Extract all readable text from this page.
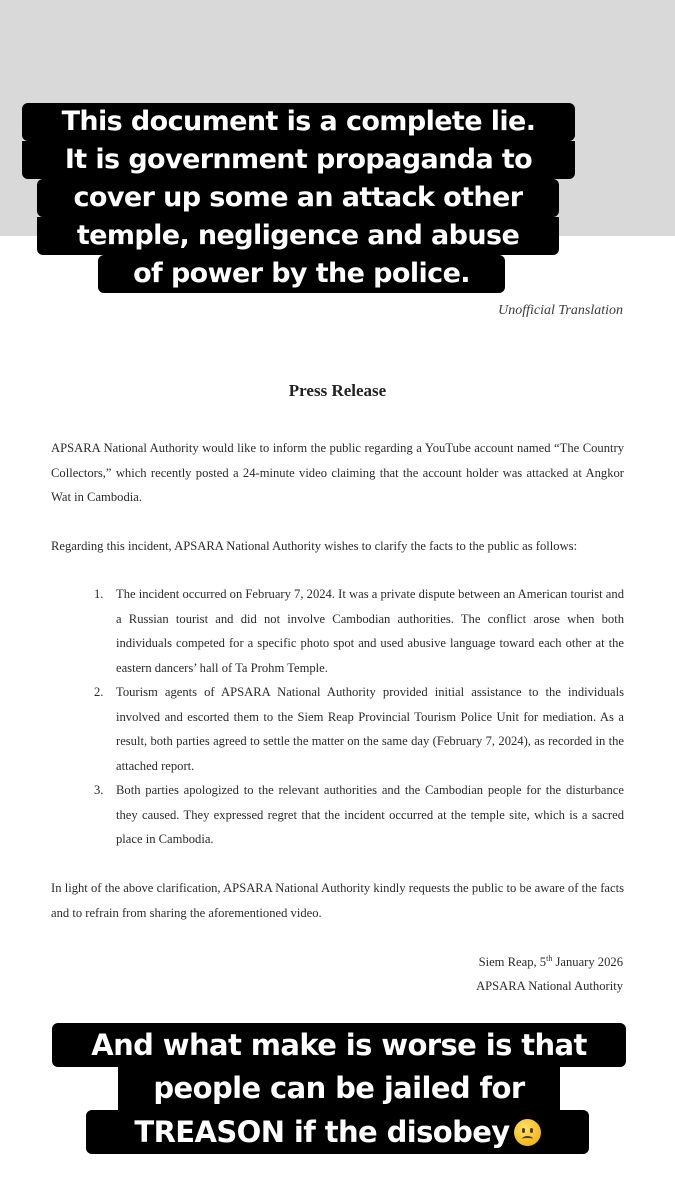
Unofficial Translation
Press Release
APSARA National Authority would like to inform the public regarding a YouTube account named “The Country Collectors,” which recently posted a 24-minute video claiming that the account holder was attacked at Angkor Wat in Cambodia.
Regarding this incident, APSARA National Authority wishes to clarify the facts to the public as follows:
1. The incident occurred on February 7, 2024. It was a private dispute between an American tourist and a Russian tourist and did not involve Cambodian authorities. The conflict arose when both individuals competed for a specific photo spot and used abusive language toward each other at the eastern dancers’ hall of Ta Prohm Temple.
2. Tourism agents of APSARA National Authority provided initial assistance to the individuals involved and escorted them to the Siem Reap Provincial Tourism Police Unit for mediation. As a result, both parties agreed to settle the matter on the same day (February 7, 2024), as recorded in the attached report.
3. Both parties apologized to the relevant authorities and the Cambodian people for the disturbance they caused. They expressed regret that the incident occurred at the temple site, which is a sacred place in Cambodia.
In light of the above clarification, APSARA National Authority kindly requests the public to be aware of the facts and to refrain from sharing the aforementioned video.
Siem Reap, 5th January 2026
APSARA National Authority
This document is a complete lie.
It is government propaganda to
cover up some an attack other
temple, negligence and abuse
of power by the police.
And what make is worse is that
people can be jailed for
TREASON if the disobey
